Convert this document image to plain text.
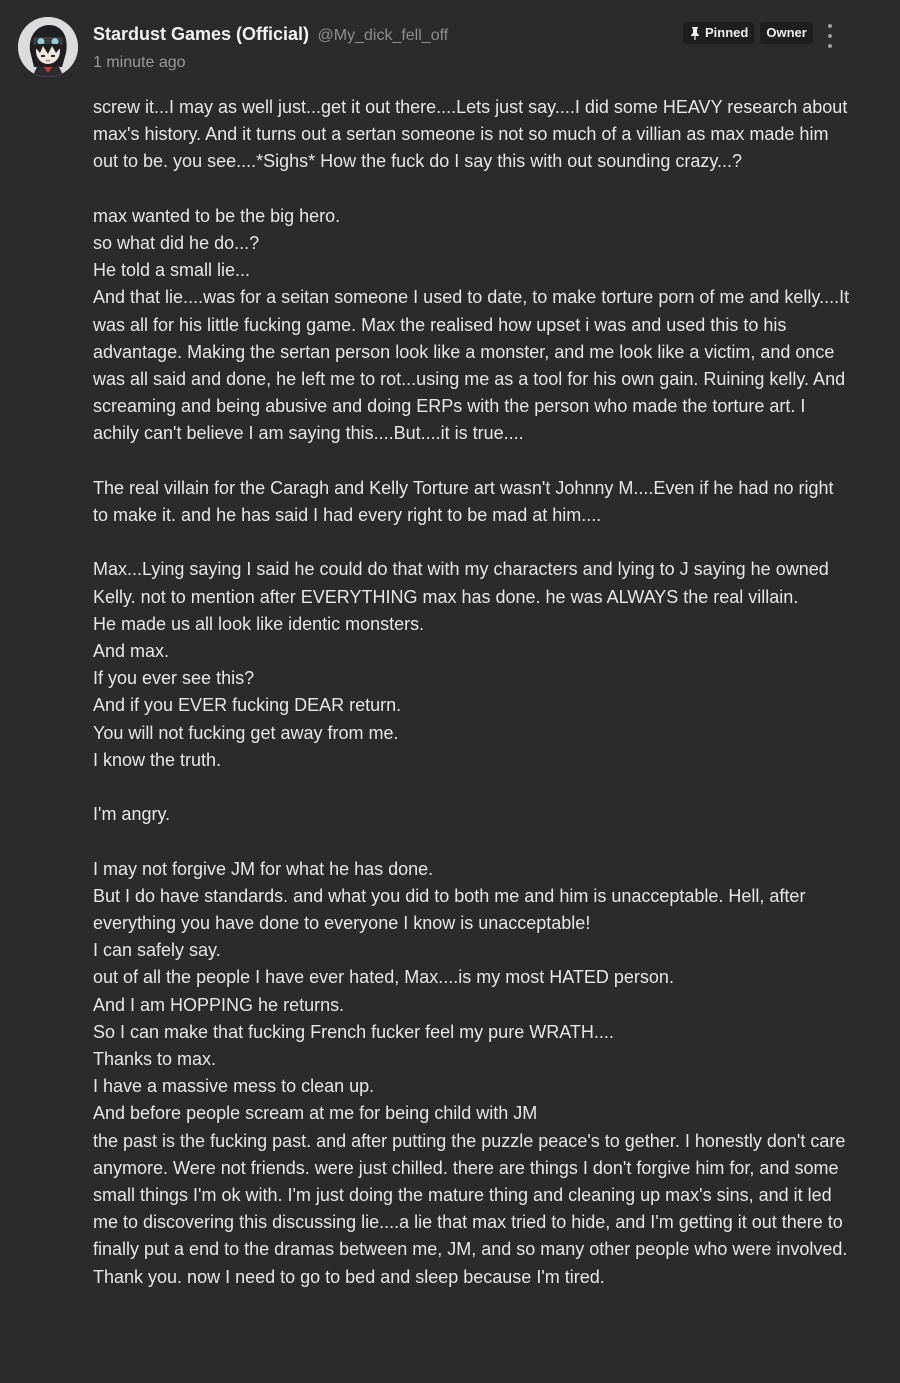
Stardust Games (Official) @My_dick_fell_off
1 minute ago
Pinned Owner

screw it...I may as well just...get it out there....Lets just say....I did some HEAVY research about max's history. And it turns out a sertan someone is not so much of a villian as max made him out to be. you see....*Sighs* How the fuck do I say this with out sounding crazy...?

max wanted to be the big hero.

so what did he do...?

He told a small lie...

And that lie....was for a seitan someone I used to date, to make torture porn of me and kelly....It was all for his little fucking game. Max the realised how upset i was and used this to his advantage. Making the sertan person look like a monster, and me look like a victim, and once was all said and done, he left me to rot...using me as a tool for his own gain. Ruining kelly. And screaming and being abusive and doing ERPs with the person who made the torture art. I achily can't believe I am saying this....But....it is true....

The real villain for the Caragh and Kelly Torture art wasn't Johnny M....Even if he had no right to make it. and he has said I had every right to be mad at him....

Max...Lying saying I said he could do that with my characters and lying to J saying he owned Kelly. not to mention after EVERYTHING max has done. he was ALWAYS the real villain.

He made us all look like identic monsters.

And max.

If you ever see this?

And if you EVER fucking DEAR return.

You will not fucking get away from me.

I know the truth.

I'm angry.

I may not forgive JM for what he has done.

But I do have standards. and what you did to both me and him is unacceptable. Hell, after everything you have done to everyone I know is unacceptable!

I can safely say.

out of all the people I have ever hated, Max....is my most HATED person.

And I am HOPPING he returns.

So I can make that fucking French fucker feel my pure WRATH....

Thanks to max.

I have a massive mess to clean up.

And before people scream at me for being child with JM

the past is the fucking past. and after putting the puzzle peace's to gether. I honestly don't care anymore. Were not friends. were just chilled. there are things I don't forgive him for, and some small things I'm ok with. I'm just doing the mature thing and cleaning up max's sins, and it led me to discovering this discussing lie....a lie that max tried to hide, and I'm getting it out there to finally put a end to the dramas between me, JM, and so many other people who were involved. Thank you. now I need to go to bed and sleep because I'm tired.
